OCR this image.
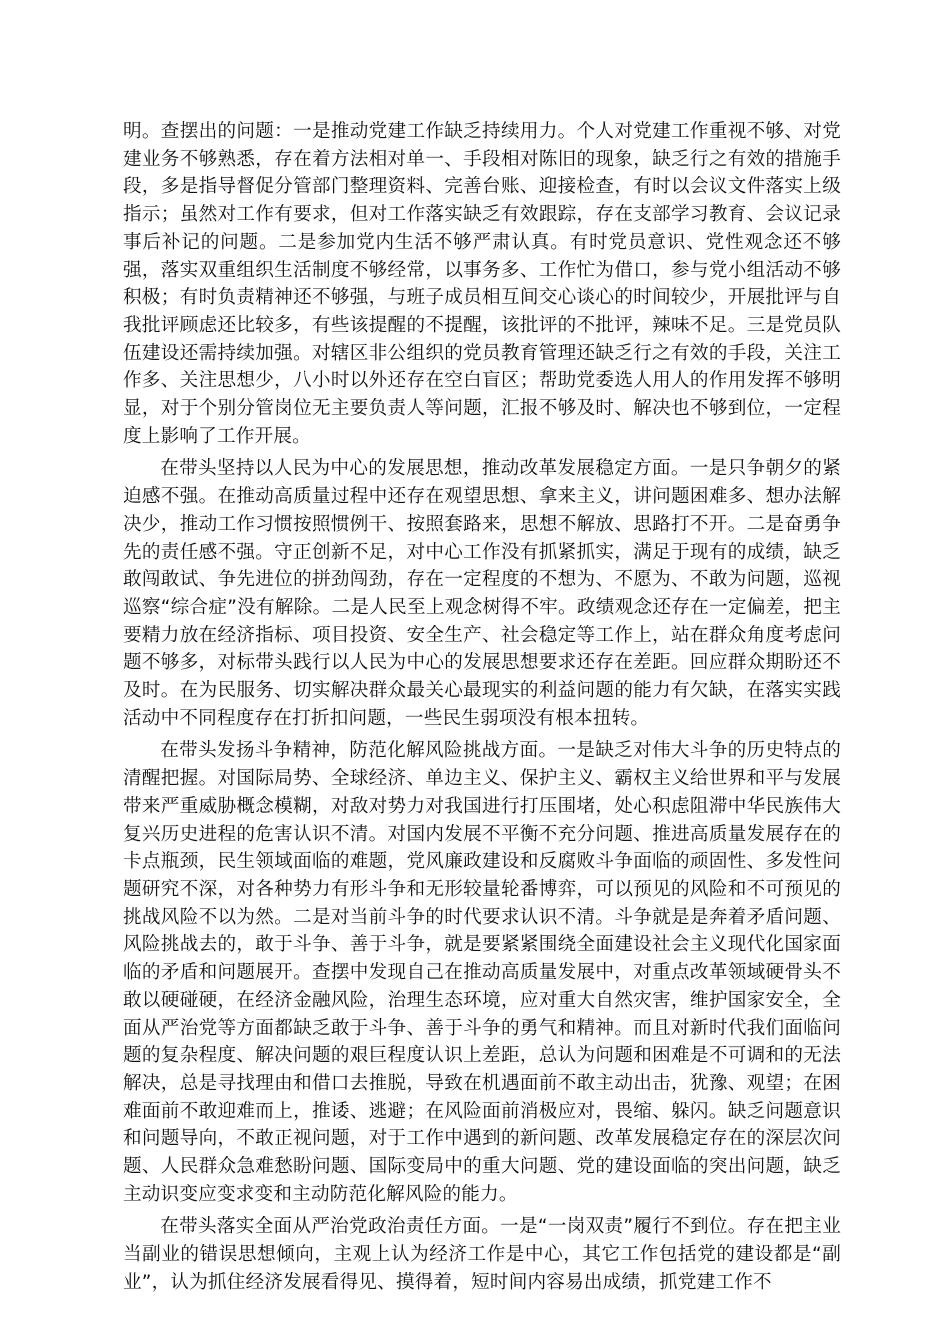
明。查摆出的问题：一是推动党建工作缺乏持续用力。个人对党建工作重视不够、对党建业务不够熟悉，存在着方法相对单一、手段相对陈旧的现象，缺乏行之有效的措施手段，多是指导督促分管部门整理资料、完善台账、迎接检查，有时以会议文件落实上级指示；虽然对工作有要求，但对工作落实缺乏有效跟踪，存在支部学习教育、会议记录事后补记的问题。二是参加党内生活不够严肃认真。有时党员意识、党性观念还不够强，落实双重组织生活制度不够经常，以事务多、工作忙为借口，参与党小组活动不够积极；有时负责精神还不够强，与班子成员相互间交心谈心的时间较少，开展批评与自我批评顾虑还比较多，有些该提醒的不提醒，该批评的不批评，辣味不足。三是党员队伍建设还需持续加强。对辖区非公组织的党员教育管理还缺乏行之有效的手段，关注工作多、关注思想少，八小时以外还存在空白盲区；帮助党委选人用人的作用发挥不够明显，对于个别分管岗位无主要负责人等问题，汇报不够及时、解决也不够到位，一定程度上影响了工作开展。

在带头坚持以人民为中心的发展思想，推动改革发展稳定方面。一是只争朝夕的紧迫感不强。在推动高质量过程中还存在观望思想、拿来主义，讲问题困难多、想办法解决少，推动工作习惯按照惯例干、按照套路来，思想不解放、思路打不开。二是奋勇争先的责任感不强。守正创新不足，对中心工作没有抓紧抓实，满足于现有的成绩，缺乏敢闯敢试、争先进位的拼劲闯劲，存在一定程度的不想为、不愿为、不敢为问题，巡视巡察“综合症”没有解除。二是人民至上观念树得不牢。政绩观念还存在一定偏差，把主要精力放在经济指标、项目投资、安全生产、社会稳定等工作上，站在群众角度考虑问题不够多，对标带头践行以人民为中心的发展思想要求还存在差距。回应群众期盼还不及时。在为民服务、切实解决群众最关心最现实的利益问题的能力有欠缺，在落实实践活动中不同程度存在打折扣问题，一些民生弱项没有根本扭转。

在带头发扬斗争精神，防范化解风险挑战方面。一是缺乏对伟大斗争的历史特点的清醒把握。对国际局势、全球经济、单边主义、保护主义、霸权主义给世界和平与发展带来严重威胁概念模糊，对敌对势力对我国进行打压围堵，处心积虑阻滞中华民族伟大复兴历史进程的危害认识不清。对国内发展不平衡不充分问题、推进高质量发展存在的卡点瓶颈，民生领域面临的难题，党风廉政建设和反腐败斗争面临的顽固性、多发性问题研究不深，对各种势力有形斗争和无形较量轮番博弈，可以预见的风险和不可预见的挑战风险不以为然。二是对当前斗争的时代要求认识不清。斗争就是是奔着矛盾问题、风险挑战去的，敢于斗争、善于斗争，就是要紧紧围绕全面建设社会主义现代化国家面临的矛盾和问题展开。查摆中发现自己在推动高质量发展中，对重点改革领域硬骨头不敢以硬碰硬，在经济金融风险，治理生态环境，应对重大自然灾害，维护国家安全，全面从严治党等方面都缺乏敢于斗争、善于斗争的勇气和精神。而且对新时代我们面临问题的复杂程度、解决问题的艰巨程度认识上差距，总认为问题和困难是不可调和的无法解决，总是寻找理由和借口去推脱，导致在机遇面前不敢主动出击，犹豫、观望；在困难面前不敢迎难而上，推诿、逃避；在风险面前消极应对，畏缩、躲闪。缺乏问题意识和问题导向，不敢正视问题，对于工作中遇到的新问题、改革发展稳定存在的深层次问题、人民群众急难愁盼问题、国际变局中的重大问题、党的建设面临的突出问题，缺乏主动识变应变求变和主动防范化解风险的能力。

在带头落实全面从严治党政治责任方面。一是“一岗双责”履行不到位。存在把主业当副业的错误思想倾向，主观上认为经济工作是中心，其它工作包括党的建设都是“副业”，认为抓住经济发展看得见、摸得着，短时间内容易出成绩，抓党建工作不
